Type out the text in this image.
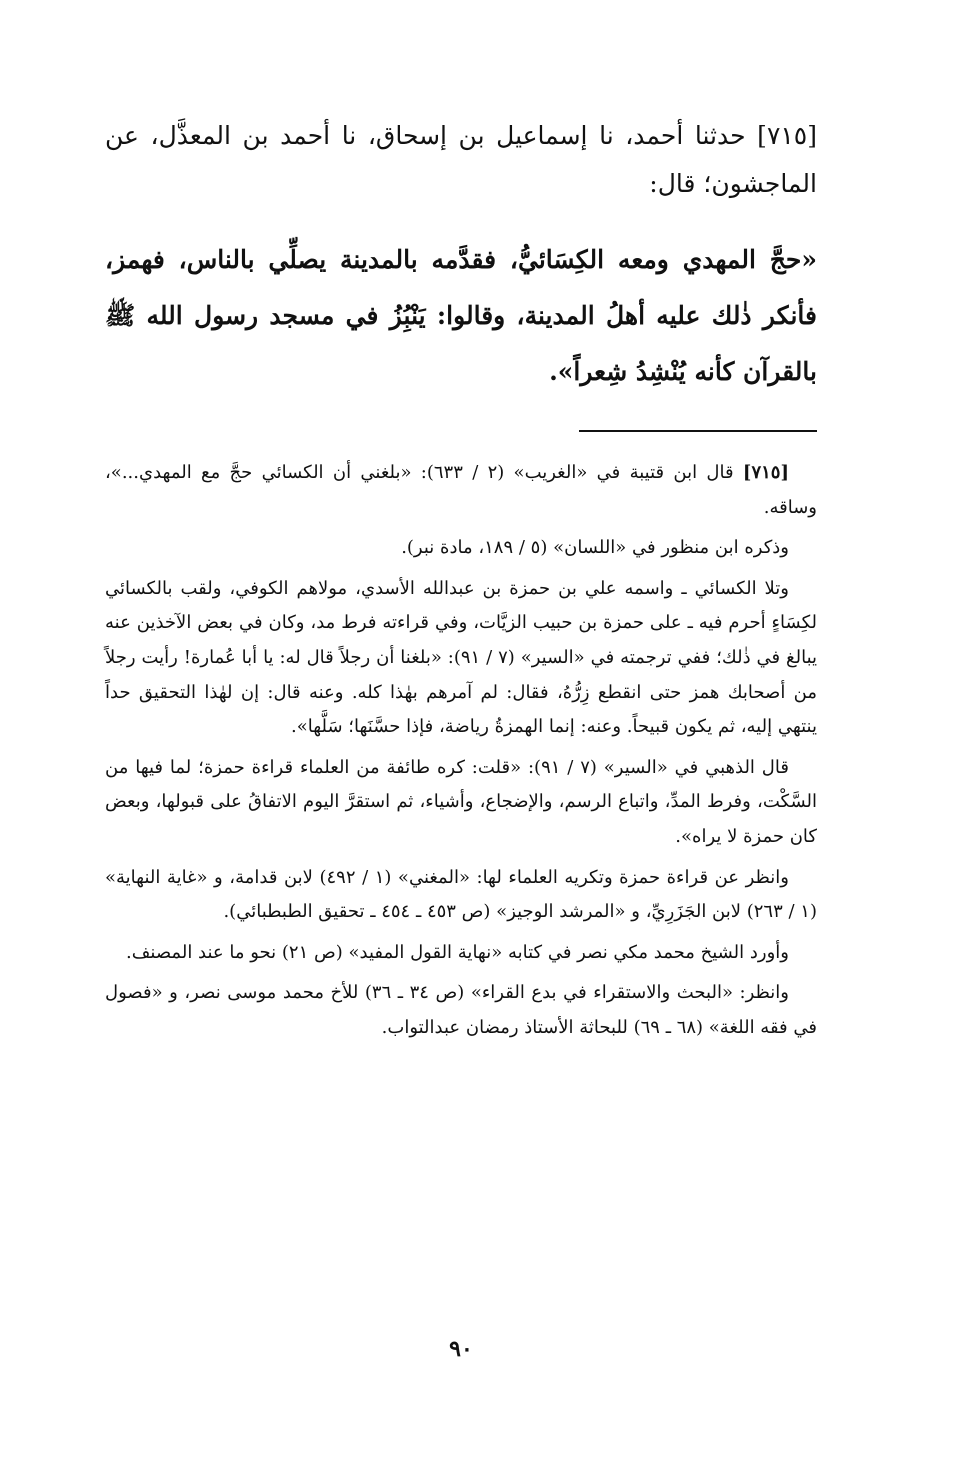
[٧١٥] حدثنا أحمد، نا إسماعيل بن إسحاق، نا أحمد بن المعذَّل، عن الماجشون؛ قال:
«حجَّ المهدي ومعه الكِسَائيُّ، فقدَّمه بالمدينة يصلِّي بالناس، فهمز، فأنكر ذٰلك عليه أهلُ المدينة، وقالوا: يَنْبُِزُ في مسجد رسول الله ﷺ بالقرآن كأنه يُنْشِدُ شِعراً».

[٧١٥] قال ابن قتيبة في «الغريب» (٢ / ٦٣٣): «بلغني أن الكسائي حجَّ مع المهدي...»، وساقه.

وذكره ابن منظور في «اللسان» (٥ / ١٨٩، مادة نبر).

وتلا الكسائي ـ واسمه علي بن حمزة بن عبدالله الأسدي، مولاهم الكوفي، ولقب بالكسائي لكِسَاءٍ أحرم فيه ـ على حمزة بن حبيب الزيَّات، وفي قراءته فرط مد، وكان في بعض الآخذين عنه يبالغ في ذٰلك؛ ففي ترجمته في «السير» (٧ / ٩١): «بلغنا أن رجلاً قال له: يا أبا عُمارة! رأيت رجلاً من أصحابك همز حتى انقطع زِرُّهُ، فقال: لم آمرهم بهٰذا كله. وعنه قال: إن لهٰذا التحقيق حداً ينتهي إليه، ثم يكون قبيحاً. وعنه: إنما الهمزةُ رياضة، فإذا حسَّنَها؛ سَلَّها».

قال الذهبي في «السير» (٧ / ٩١): «قلت: كره طائفة من العلماء قراءة حمزة؛ لما فيها من السَّكْت، وفرط المدِّ، واتباع الرسم، والإضجاع، وأشياء، ثم استقرَّ اليوم الاتفاقُ على قبولها، وبعض كان حمزة لا يراه».

وانظر عن قراءة حمزة وتكريه العلماء لها: «المغني» (١ / ٤٩٢) لابن قدامة، و «غاية النهاية» (١ / ٢٦٣) لابن الجَزَرِيِّ، و «المرشد الوجيز» (ص ٤٥٣ ـ ٤٥٤ ـ تحقيق الطبطبائي).

وأورد الشيخ محمد مكي نصر في كتابه «نهاية القول المفيد» (ص ٢١) نحو ما عند المصنف.

وانظر: «البحث والاستقراء في بدع القراء» (ص ٣٤ ـ ٣٦) للأخ محمد موسى نصر، و «فصول في فقه اللغة» (٦٨ ـ ٦٩) للبحاثة الأستاذ رمضان عبدالتواب.

٩٠
